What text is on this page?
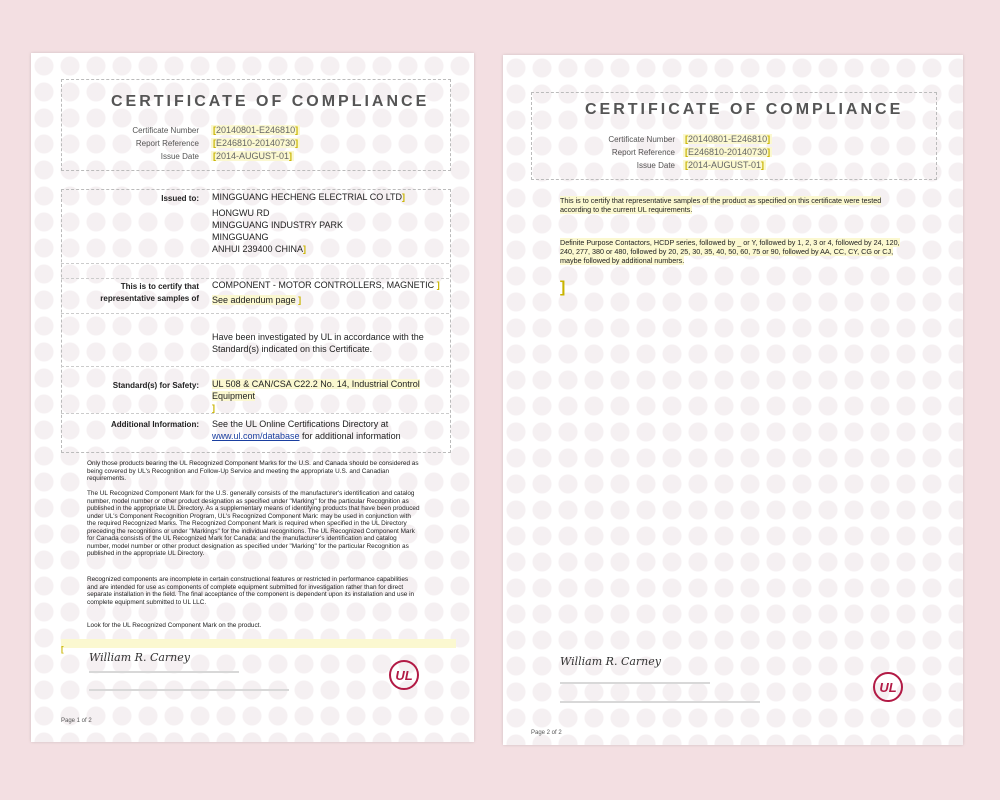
CERTIFICATE OF COMPLIANCE
Certificate Number [20140801-E246810]
Report Reference [E246810-20140730]
Issue Date [2014-AUGUST-01]
Issued to: MINGGUANG HECHENG ELECTRIAL CO LTD]
HONGWU RD
MINGGUANG INDUSTRY PARK
MINGGUANG
ANHUI 239400 CHINA]
This is to certify that
representative samples of
COMPONENT - MOTOR CONTROLLERS, MAGNETIC ]
See addendum page ]
Have been investigated by UL in accordance with the Standard(s) indicated on this Certificate.
Standard(s) for Safety: UL 508 & CAN/CSA C22.2 No. 14, Industrial Control Equipment
]
Additional Information: See the UL Online Certifications Directory at
www.ul.com/database for additional information
Only those products bearing the UL Recognized Component Marks for the U.S. and Canada should be considered as being covered by UL's Recognition and Follow-Up Service and meeting the appropriate U.S. and Canadian requirements.
The UL Recognized Component Mark for the U.S. generally consists of the manufacturer's identification and catalog number, model number or other product designation as specified under "Marking" for the particular Recognition as published in the appropriate UL Directory. As a supplementary means of identifying products that have been produced under UL's Component Recognition Program, UL's Recognized Component Mark: may be used in conjunction with the required Recognized Marks. The Recognized Component Mark is required when specified in the UL Directory preceding the recognitions or under "Markings" for the individual recognitions. The UL Recognized Component Mark for Canada consists of the UL Recognized Mark for Canada: and the manufacturer's identification and catalog number, model number or other product designation as specified under "Marking" for the particular Recognition as published in the appropriate UL Directory.
Recognized components are incomplete in certain constructional features or restricted in performance capabilities and are intended for use as components of complete equipment submitted for investigation rather than for direct separate installation in the field. The final acceptance of the component is dependent upon its installation and use in complete equipment submitted to UL LLC.
Look for the UL Recognized Component Mark on the product.
[
William R. Carney
UL
Page 1 of 2
CERTIFICATE OF COMPLIANCE
Certificate Number [20140801-E246810]
Report Reference [E246810-20140730]
Issue Date [2014-AUGUST-01]
This is to certify that representative samples of the product as specified on this certificate were tested according to the current UL requirements.
Definite Purpose Contactors, HCDP series, followed by _ or Y, followed by 1, 2, 3 or 4, followed by 24, 120, 240, 277, 380 or 480, followed by 20, 25, 30, 35, 40, 50, 60, 75 or 90, followed by AA, CC, CY, CG or CJ, maybe followed by additional numbers.
]
William R. Carney
UL
Page 2 of 2
